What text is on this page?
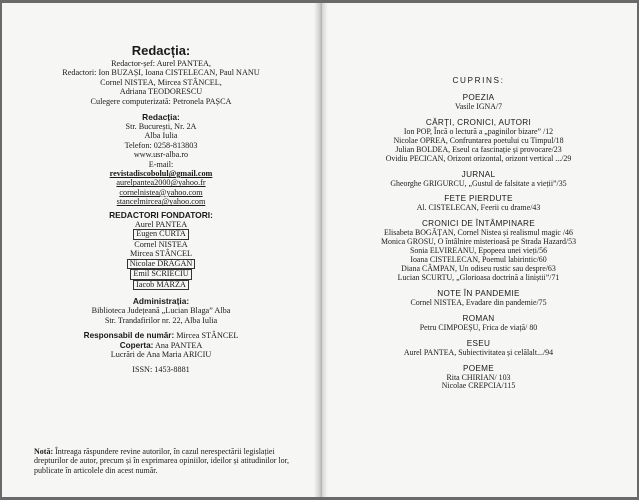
Redacția:

Redactor-șef: Aurel PANTEA,

Redactori: Ion BUZAȘI, Ioana CISTELECAN, Paul NANU

Cornel NISTEA, Mircea STÂNCEL,

Adriana TEODORESCU

Culegere computerizată: Petronela PAȘCA

Redacția:

Str. București, Nr. 2A

Alba Iulia

Telefon: 0258-813803

www.usr-alba.ro

E-mail:

revistadiscobolul@gmail.com

aurelpantea2000@yahoo.fr

cornelnistea@yahoo.com

stancelmircea@yahoo.com

REDACTORI FONDATORI:

Aurel PANTEA

Eugen CURTA

Cornel NISTEA

Mircea STÂNCEL

Nicolae DRĂGAN

Emil SCRIECIU

Iacob MÂRZA

Administrația:

Biblioteca Județeană „Lucian Blaga” Alba

Str. Trandafirilor nr. 22, Alba Iulia

Responsabil de număr: Mircea STÂNCEL

Coperta: Ana PANTEA

Lucrări de Ana Maria ARICIU

ISSN: 1453-8881

Notă: Întreaga răspundere revine autorilor, în cazul nerespectării legislației drepturilor de autor, precum și în exprimarea opiniilor, ideilor și atitudinilor lor, publicate în articolele din acest număr.

CUPRINS:

POEZIA

Vasile IGNA/7

CĂRȚI, CRONICI, AUTORI

Ion POP, Încă o lectură a „paginilor bizare” /12

Nicolae OPREA, Confruntarea poetului cu Timpul/18

Julian BOLDEA, Eseul ca fascinație și provocare/23

Ovidiu PECICAN, Orizont orizontal, orizont vertical .../29

JURNAL

Gheorghe GRIGURCU, „Gustul de falsitate a vieții”/35

FETE PIERDUTE

Al. CISTELECAN, Feerii cu drame/43

CRONICI DE ÎNTÂMPINARE

Elisabeta BOGĂȚAN, Cornel Nistea și realismul magic /46

Monica GROSU, O întâlnire misterioasă pe Strada Hazard/53

Sonia ELVIREANU, Epopeea unei vieți/56

Ioana CISTELECAN, Poemul labirintic/60

Diana CÂMPAN, Un odiseu rustic sau despre/63

Lucian SCURTU, „Glorioasa doctrină a liniștii”/71

NOTE ÎN PANDEMIE

Cornel NISTEA, Evadare din pandemie/75

ROMAN

Petru CIMPOEȘU, Frica de viață/ 80

ESEU

Aurel PANTEA, Subiectivitatea și celălalt.../94

POEME

Rita CHIRIAN/ 103

Nicolae CREPCIA/115
